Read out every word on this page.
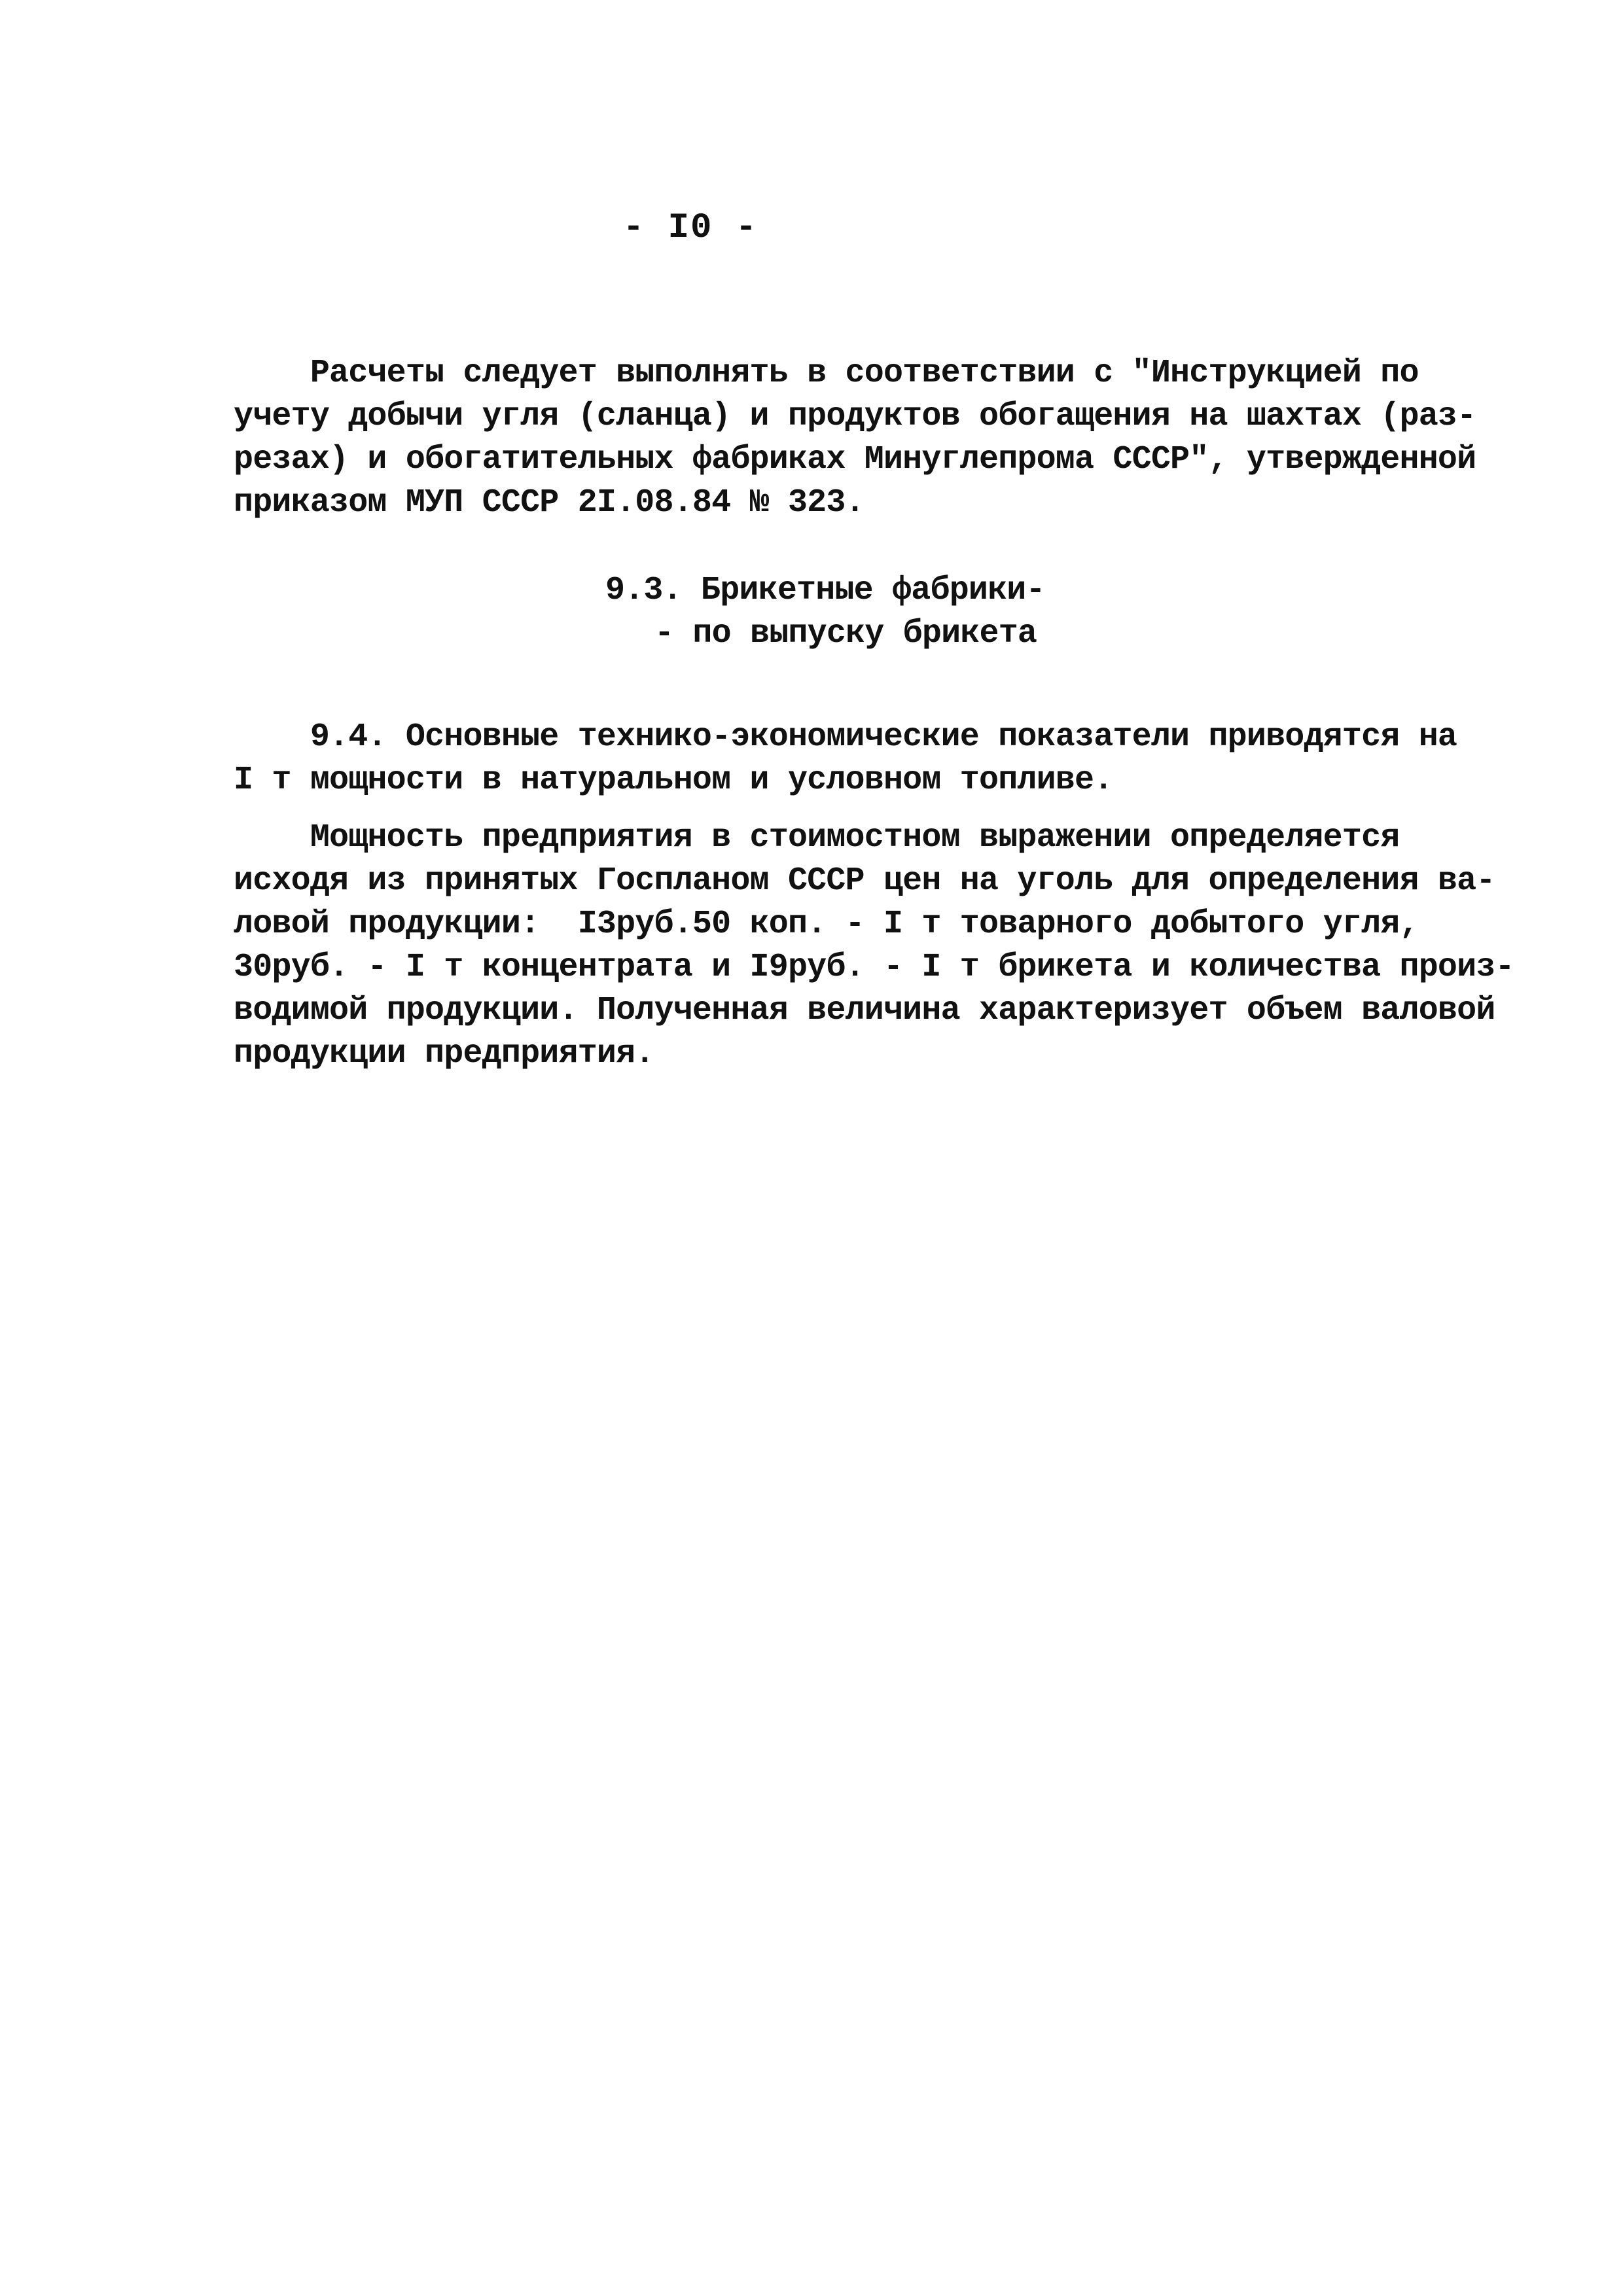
- I0 -
Расчеты следует выполнять в соответствии с "Инструкцией по
учету добычи угля (сланца) и продуктов обогащения на шахтах (раз-
резах) и обогатительных фабриках Минуглепрома СССР", утвержденной
приказом МУП СССР 2I.08.84 № 323.
9.3. Брикетные фабрики-
- по выпуску брикета
9.4. Основные технико-экономические показатели приводятся на
I т мощности в натуральном и условном топливе.
Мощность предприятия в стоимостном выражении определяется
исходя из принятых Госпланом СССР цен на уголь для определения ва-
ловой продукции:  I3руб.50 коп. - I т товарного добытого угля,
30руб. - I т концентрата и I9руб. - I т брикета и количества произ-
водимой продукции. Полученная величина характеризует объем валовой
продукции предприятия.
